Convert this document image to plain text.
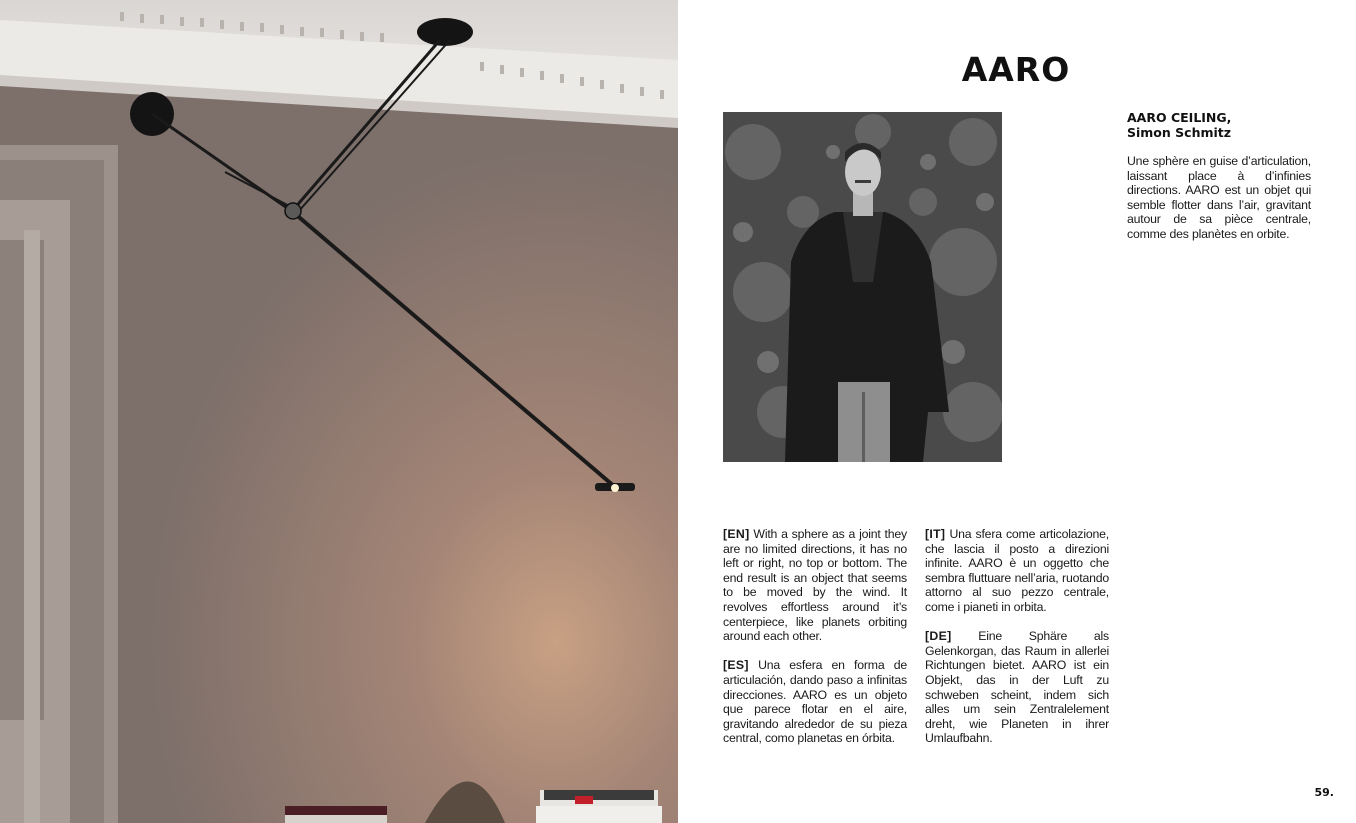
AARO
AARO CEILING,
Simon Schmitz

Une sphère en guise d’articulation, laissant place à d’infinies directions. AARO est un objet qui semble flotter dans l’air, gravitant autour de sa pièce centrale, comme des planètes en orbite.

[EN] With a sphere as a joint they are no limited directions, it has no left or right, no top or bottom. The end result is an object that seems to be moved by the wind. It revolves effortless around it’s centerpiece, like planets orbiting around each other.

[ES] Una esfera en forma de articulación, dando paso a infinitas direcciones. AARO es un objeto que parece flotar en el aire, gravitando alrededor de su pieza central, como planetas en órbita.

[IT] Una sfera come articolazione, che lascia il posto a direzioni infinite. AARO è un oggetto che sembra fluttuare nell’aria, ruotando attorno al suo pezzo centrale, come i pianeti in orbita.

[DE] Eine Sphäre als Gelenkorgan, das Raum in allerlei Richtungen bietet. AARO ist ein Objekt, das in der Luft zu schweben scheint, indem sich alles um sein Zentralelement dreht, wie Planeten in ihrer Umlaufbahn.

59.
